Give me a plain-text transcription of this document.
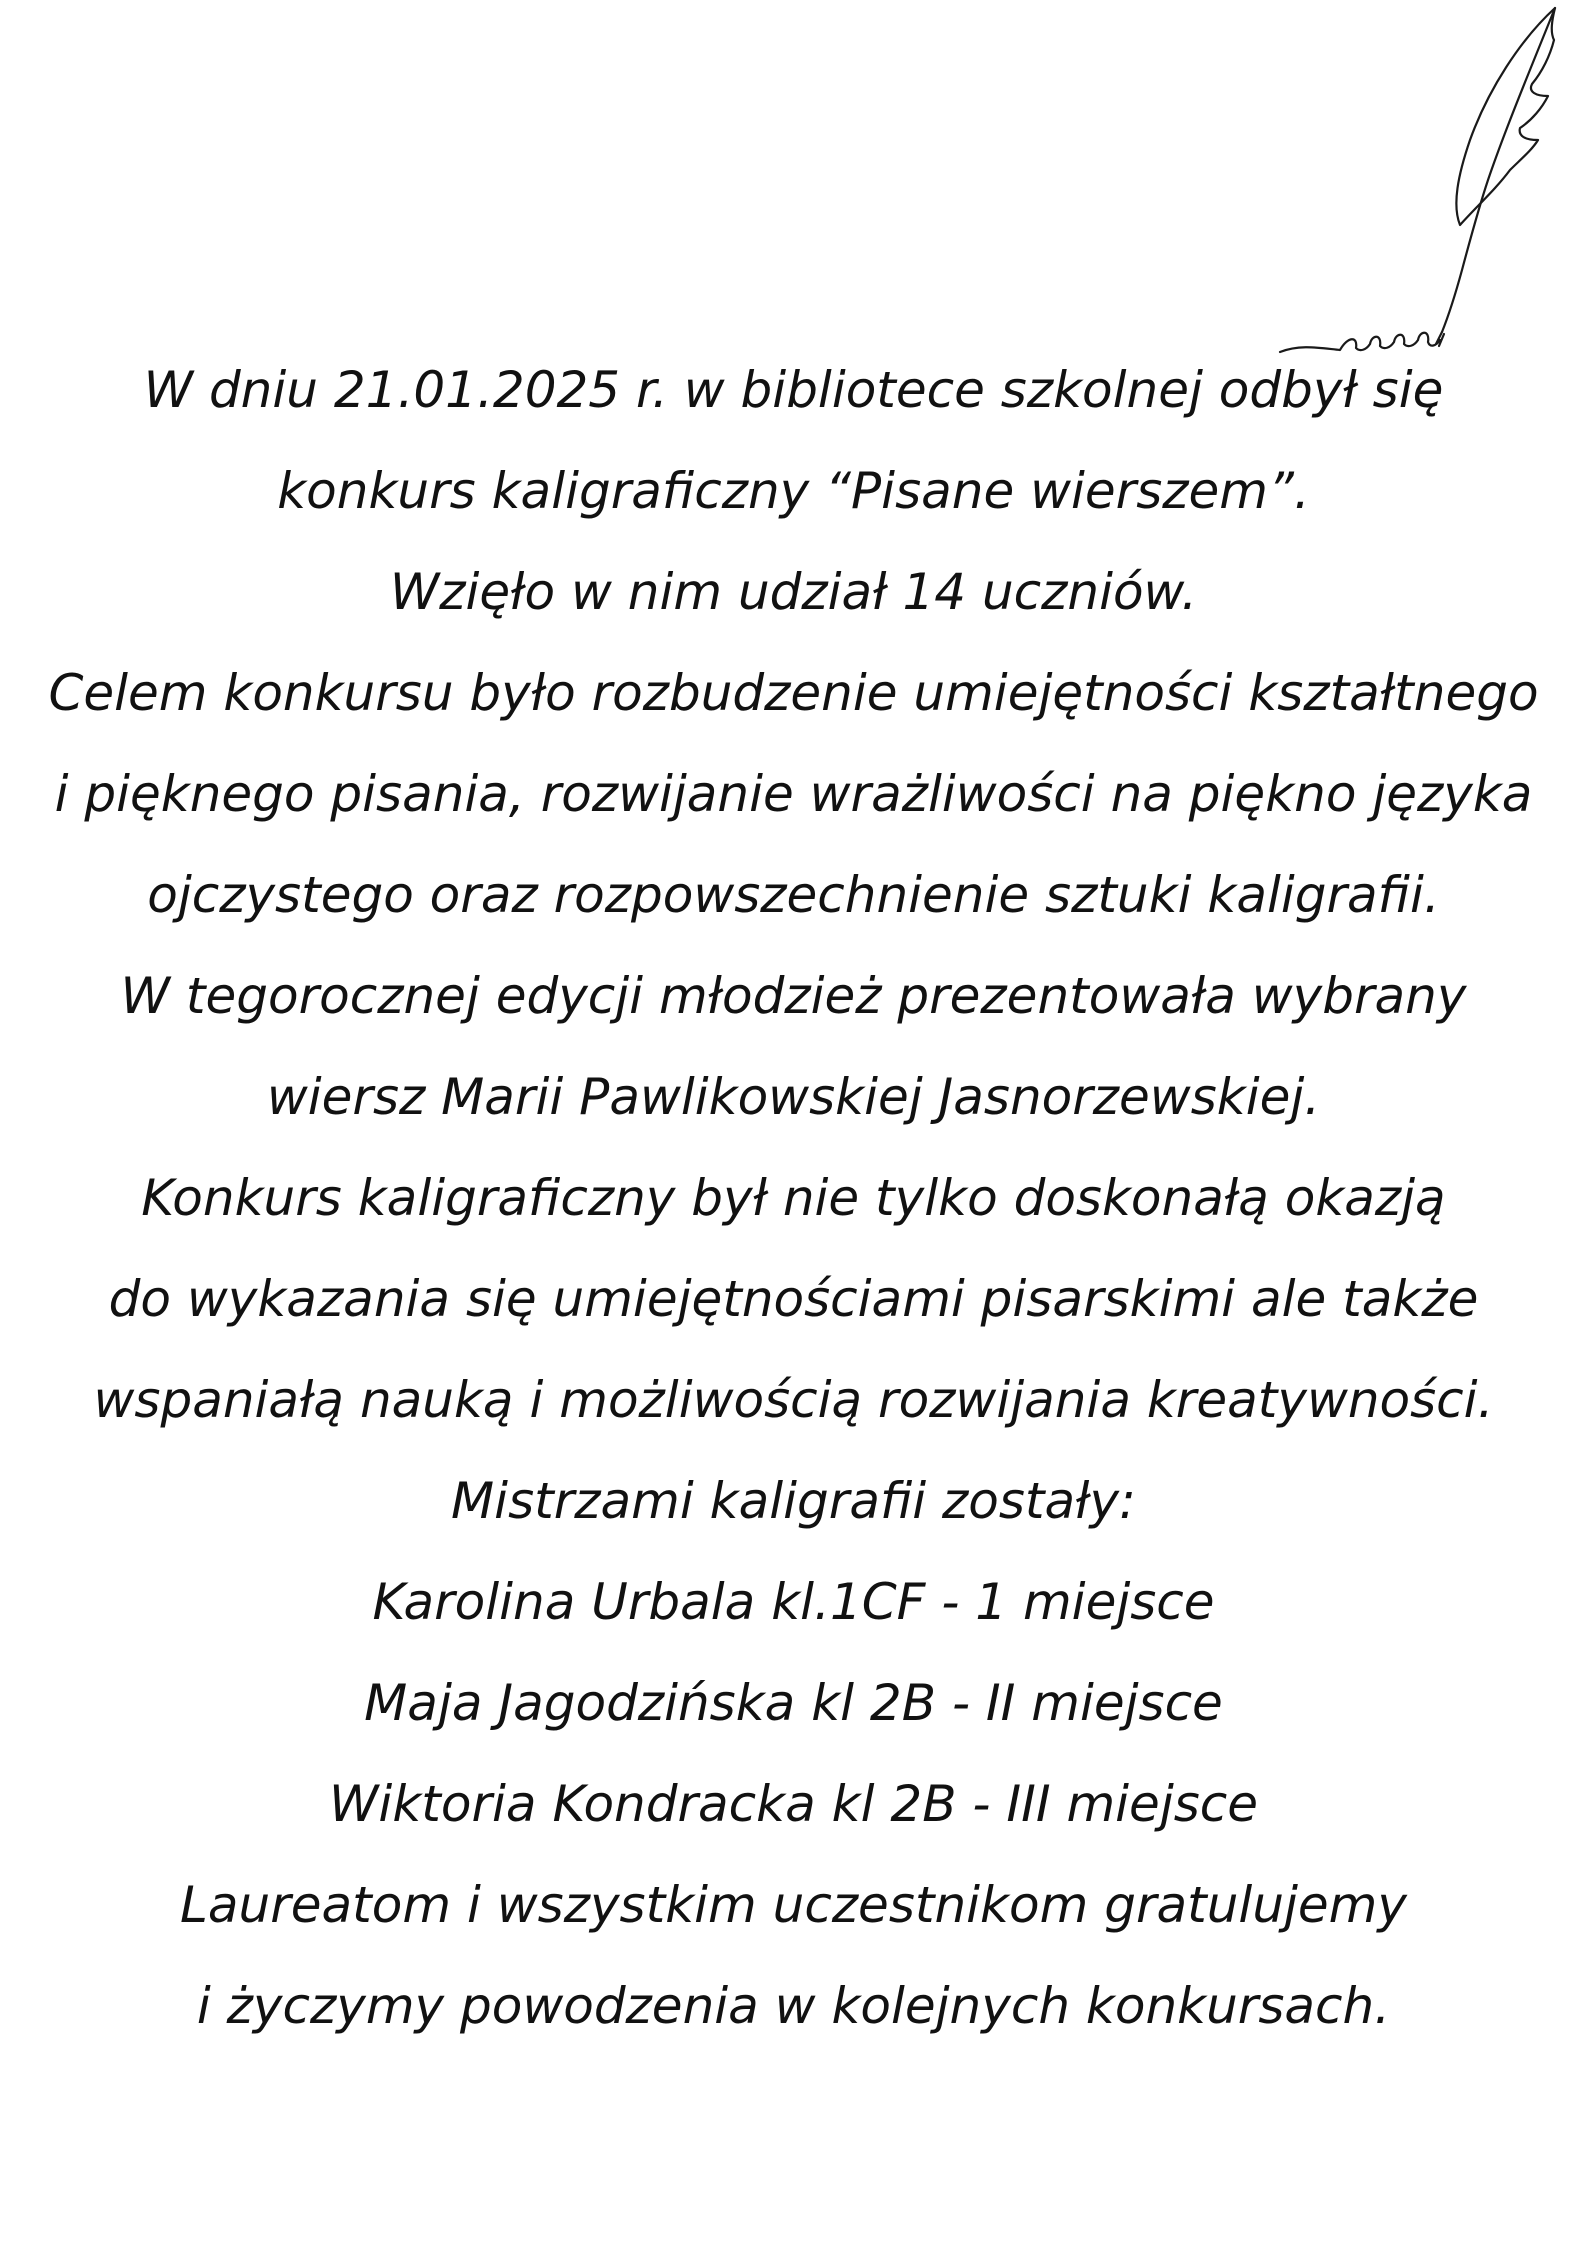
W dniu 21.01.2025 r. w bibliotece szkolnej odbył się
konkurs kaligraficzny “Pisane wierszem”.
Wzięło w nim udział 14 uczniów.
Celem konkursu było rozbudzenie umiejętności kształtnego
i pięknego pisania, rozwijanie wrażliwości na piękno języka
ojczystego oraz rozpowszechnienie sztuki kaligrafii.
W tegorocznej edycji młodzież prezentowała wybrany
wiersz Marii Pawlikowskiej Jasnorzewskiej.
Konkurs kaligraficzny był nie tylko doskonałą okazją
do wykazania się umiejętnościami pisarskimi ale także
wspaniałą nauką i możliwością rozwijania kreatywności.
Mistrzami kaligrafii zostały:
Karolina Urbala kl.1CF - 1 miejsce
Maja Jagodzińska kl 2B - II miejsce
Wiktoria Kondracka kl 2B - III miejsce
Laureatom i wszystkim uczestnikom gratulujemy
i życzymy powodzenia w kolejnych konkursach.
